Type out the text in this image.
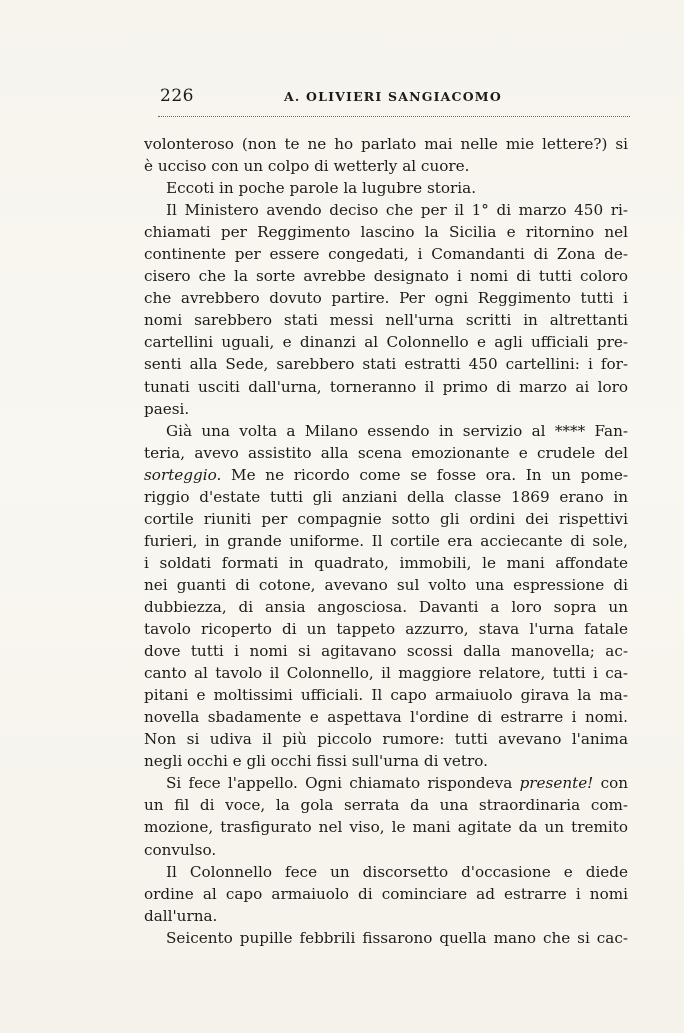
226	A. OLIVIERI SANGIACOMO
volonteroso (non te ne ho parlato mai nelle mie lettere?) si
è ucciso con un colpo di wetterly al cuore.
Eccoti in poche parole la lugubre storia.
Il Ministero avendo deciso che per il 1° di marzo 450 ri-
chiamati per Reggimento lascino la Sicilia e ritornino nel
continente per essere congedati, i Comandanti di Zona de-
cisero che la sorte avrebbe designato i nomi di tutti coloro
che avrebbero dovuto partire. Per ogni Reggimento tutti i
nomi sarebbero stati messi nell'urna scritti in altrettanti
cartellini uguali, e dinanzi al Colonnello e agli ufficiali pre-
senti alla Sede, sarebbero stati estratti 450 cartellini: i for-
tunati usciti dall'urna, torneranno il primo di marzo ai loro
paesi.
Già una volta a Milano essendo in servizio al **** Fan-
teria, avevo assistito alla scena emozionante e crudele del
sorteggio. Me ne ricordo come se fosse ora. In un pome-
riggio d'estate tutti gli anziani della classe 1869 erano in
cortile riuniti per compagnie sotto gli ordini dei rispettivi
furieri, in grande uniforme. Il cortile era acciecante di sole,
i soldati formati in quadrato, immobili, le mani affondate
nei guanti di cotone, avevano sul volto una espressione di
dubbiezza, di ansia angosciosa. Davanti a loro sopra un
tavolo ricoperto di un tappeto azzurro, stava l'urna fatale
dove tutti i nomi si agitavano scossi dalla manovella; ac-
canto al tavolo il Colonnello, il maggiore relatore, tutti i ca-
pitani e moltissimi ufficiali. Il capo armaiuolo girava la ma-
novella sbadamente e aspettava l'ordine di estrarre i nomi.
Non si udiva il più piccolo rumore: tutti avevano l'anima
negli occhi e gli occhi fissi sull'urna di vetro.
Si fece l'appello. Ogni chiamato rispondeva presente! con
un fil di voce, la gola serrata da una straordinaria com-
mozione, trasfigurato nel viso, le mani agitate da un tremito
convulso.
Il Colonnello fece un discorsetto d'occasione e diede
ordine al capo armaiuolo di cominciare ad estrarre i nomi
dall'urna.
Seicento pupille febbrili fissarono quella mano che si cac-
